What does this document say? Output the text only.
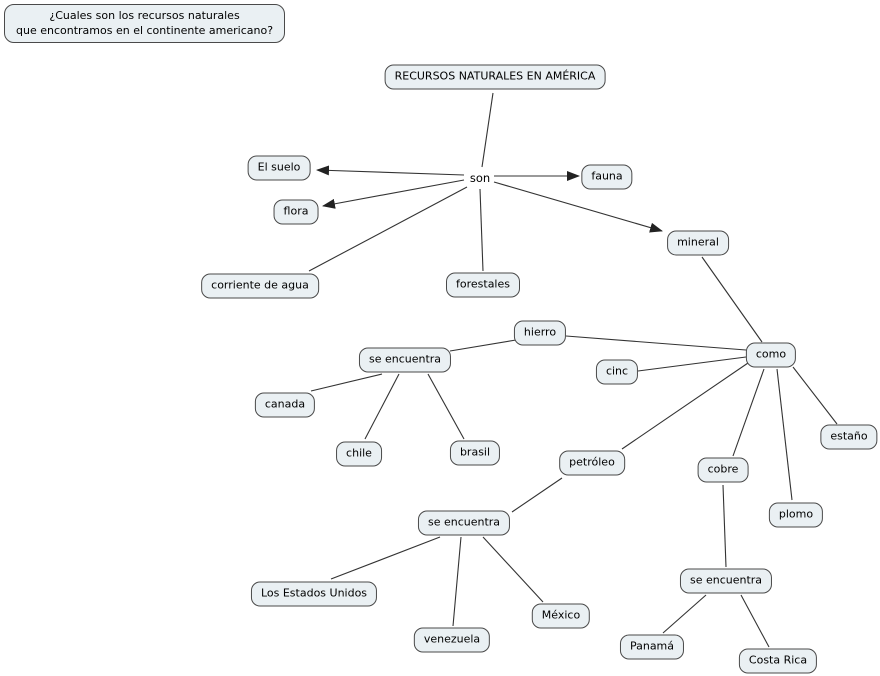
¿Cuales son los recursos naturales
que encontramos en el continente americano?
RECURSOS NATURALES EN AMÉRICA
son
El suelo
flora
fauna
corriente de agua	forestales
mineral
hierro
se encuentra
cinc
como
canada
chile	brasil
petróleo
cobre
estaño
plomo
se encuentra
Los Estados Unidos
venezuela
México
se encuentra
Panamá
Costa Rica
